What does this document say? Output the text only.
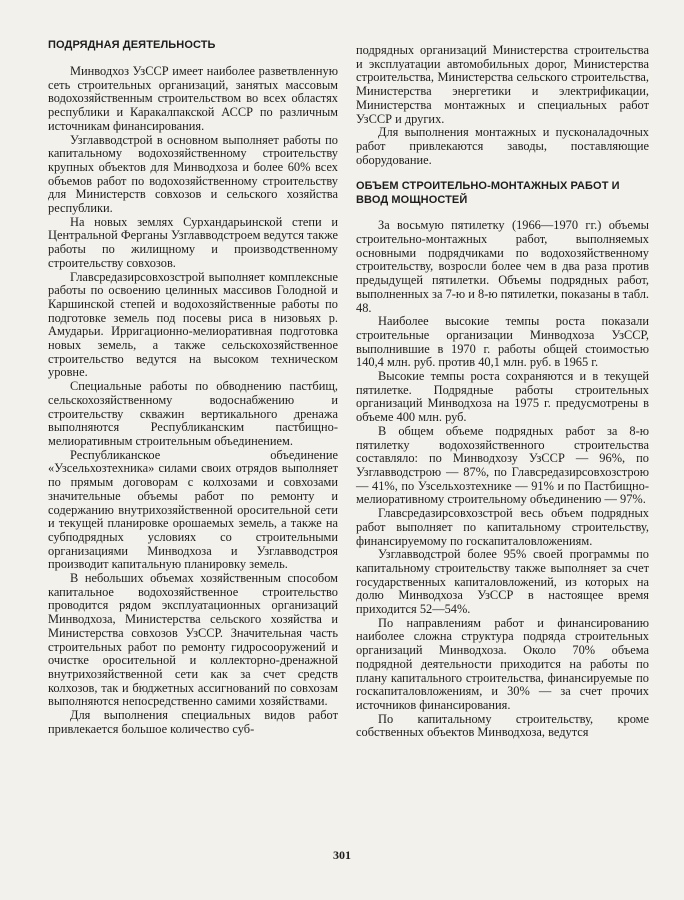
ПОДРЯДНАЯ ДЕЯТЕЛЬНОСТЬ

Минводхоз УзССР имеет наиболее разветвленную сеть строительных организаций, занятых массовым водохозяйственным строительством во всех областях республики и Каракалпакской АССР по различным источникам финансирования.

Узглавводстрой в основном выполняет работы по капитальному водохозяйственному строительству крупных объектов для Минводхоза и более 60% всех объемов работ по водохозяйственному строительству для Министерств совхозов и сельского хозяйства республики.

На новых землях Сурхандарьинской степи и Центральной Ферганы Узглавводстроем ведутся также работы по жилищному и производственному строительству совхозов.

Главсредазирсовхозстрой выполняет комплексные работы по освоению целинных массивов Голодной и Каршинской степей и водохозяйственные работы по подготовке земель под посевы риса в низовьях р. Амударьи. Ирригационно-мелиоративная подготовка новых земель, а также сельскохозяйственное строительство ведутся на высоком техническом уровне.

Специальные работы по обводнению пастбищ, сельскохозяйственному водоснабжению и строительству скважин вертикального дренажа выполняются Республиканским пастбищно-мелиоративным строительным объединением.

Республиканское объединение «Узсельхозтехника» силами своих отрядов выполняет по прямым договорам с колхозами и совхозами значительные объемы работ по ремонту и содержанию внутрихозяйственной оросительной сети и текущей планировке орошаемых земель, а также на субподрядных условиях со строительными организациями Минводхоза и Узглавводстроя производит капитальную планировку земель.

В небольших объемах хозяйственным способом капитальное водохозяйственное строительство проводится рядом эксплуатационных организаций Минводхоза, Министерства сельского хозяйства и Министерства совхозов УзССР. Значительная часть строительных работ по ремонту гидросооружений и очистке оросительной и коллекторно-дренажной внутрихозяйственной сети как за счет средств колхозов, так и бюджетных ассигнований по совхозам выполняются непосредственно самими хозяйствами.

Для выполнения специальных видов работ привлекается большое количество суб-

подрядных организаций Министерства строительства и эксплуатации автомобильных дорог, Министерства строительства, Министерства сельского строительства, Министерства энергетики и электрификации, Министерства монтажных и специальных работ УзССР и других.

Для выполнения монтажных и пусконаладочных работ привлекаются заводы, поставляющие оборудование.

ОБЪЕМ СТРОИТЕЛЬНО-МОНТАЖНЫХ РАБОТ И ВВОД МОЩНОСТЕЙ

За восьмую пятилетку (1966—1970 гг.) объемы строительно-монтажных работ, выполняемых основными подрядчиками по водохозяйственному строительству, возросли более чем в два раза против предыдущей пятилетки. Объемы подрядных работ, выполненных за 7-ю и 8-ю пятилетки, показаны в табл. 48.

Наиболее высокие темпы роста показали строительные организации Минводхоза УзССР, выполнившие в 1970 г. работы общей стоимостью 140,4 млн. руб. против 40,1 млн. руб. в 1965 г.

Высокие темпы роста сохраняются и в текущей пятилетке. Подрядные работы строительных организаций Минводхоза на 1975 г. предусмотрены в объеме 400 млн. руб.

В общем объеме подрядных работ за 8-ю пятилетку водохозяйственного строительства составляло: по Минводхозу УзССР — 96%, по Узглавводстрою — 87%, по Главсредазирсовхозстрою — 41%, по Узсельхозтехнике — 91% и по Пастбищно-мелиоративному строительному объединению — 97%.

Главсредазирсовхозстрой весь объем подрядных работ выполняет по капитальному строительству, финансируемому по госкапиталовложениям.

Узглавводстрой более 95% своей программы по капитальному строительству также выполняет за счет государственных капиталовложений, из которых на долю Минводхоза УзССР в настоящее время приходится 52—54%.

По направлениям работ и финансированию наиболее сложна структура подряда строительных организаций Минводхоза. Около 70% объема подрядной деятельности приходится на работы по плану капитального строительства, финансируемые по госкапиталовложениям, и 30% — за счет прочих источников финансирования.

По капитальному строительству, кроме собственных объектов Минводхоза, ведутся

301
